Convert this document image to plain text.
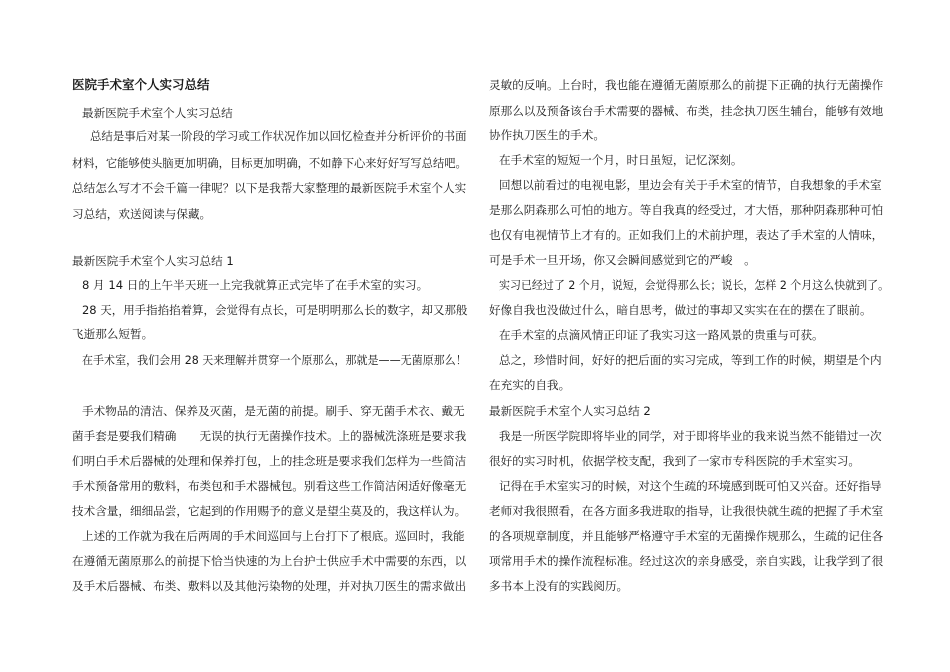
医院手术室个人实习总结
最新医院手术室个人实习总结
总结是事后对某一阶段的学习或工作状况作加以回忆检查并分析评价的书面
材料，它能够使头脑更加明确，目标更加明确，不如静下心来好好写写总结吧。
总结怎么写才不会千篇一律呢？以下是我帮大家整理的最新医院手术室个人实
习总结，欢送阅读与保藏。
最新医院手术室个人实习总结 1
8 月 14 日的上午半天班一上完我就算正式完毕了在手术室的实习。
28 天，用手指掐掐着算，会觉得有点长，可是明明那么长的数字，却又那般
飞逝那么短暂。
在手术室，我们会用 28 天来理解并贯穿一个原那么，那就是——无菌原那么！
手术物品的清洁、保养及灭菌，是无菌的前提。刷手、穿无菌手术衣、戴无
菌手套是要我们精确　　无误的执行无菌操作技术。上的器械洗涤班是要求我
们明白手术后器械的处理和保养打包，上的挂念班是要求我们怎样为一些简洁
手术预备常用的敷料，布类包和手术器械包。别看这些工作简洁闲适好像毫无
技术含量，细细品尝，它起到的作用赐予的意义是望尘莫及的，我这样认为。
上述的工作就为我在后两周的手术间巡回与上台打下了根底。巡回时，我能
在遵循无菌原那么的前提下恰当快速的为上台护士供应手术中需要的东西，以
及手术后器械、布类、敷料以及其他污染物的处理，并对执刀医生的需求做出
灵敏的反响。上台时，我也能在遵循无菌原那么的前提下正确的执行无菌操作
原那么以及预备该台手术需要的器械、布类，挂念执刀医生辅台，能够有效地
协作执刀医生的手术。
在手术室的短短一个月，时日虽短，记忆深刻。
回想以前看过的电视电影，里边会有关于手术室的情节，自我想象的手术室
是那么阴森那么可怕的地方。等自我真的经受过，才大悟，那种阴森那种可怕
也仅有电视情节上才有的。正如我们上的术前护理，表达了手术室的人情味，
可是手术一旦开场，你又会瞬间感觉到它的严峻　。
实习已经过了 2 个月，说短，会觉得那么长；说长，怎样 2 个月这么快就到了。
好像自我也没做过什么，暗自思考，做过的事却又实实在在的摆在了眼前。
在手术室的点滴风情正印证了我实习这一路风景的贵重与可获。
总之，珍惜时间，好好的把后面的实习完成，等到工作的时候，期望是个内
在充实的自我。
最新医院手术室个人实习总结 2
我是一所医学院即将毕业的同学，对于即将毕业的我来说当然不能错过一次
很好的实习时机，依据学校支配，我到了一家市专科医院的手术室实习。
记得在手术室实习的时候，对这个生疏的环境感到既可怕又兴奋。还好指导
老师对我很照看，在各方面多我进取的指导，让我很快就生疏的把握了手术室
的各项规章制度，并且能够严格遵守手术室的无菌操作规那么，生疏的记住各
项常用手术的操作流程标准。经过这次的亲身感受，亲自实践，让我学到了很
多书本上没有的实践阅历。
